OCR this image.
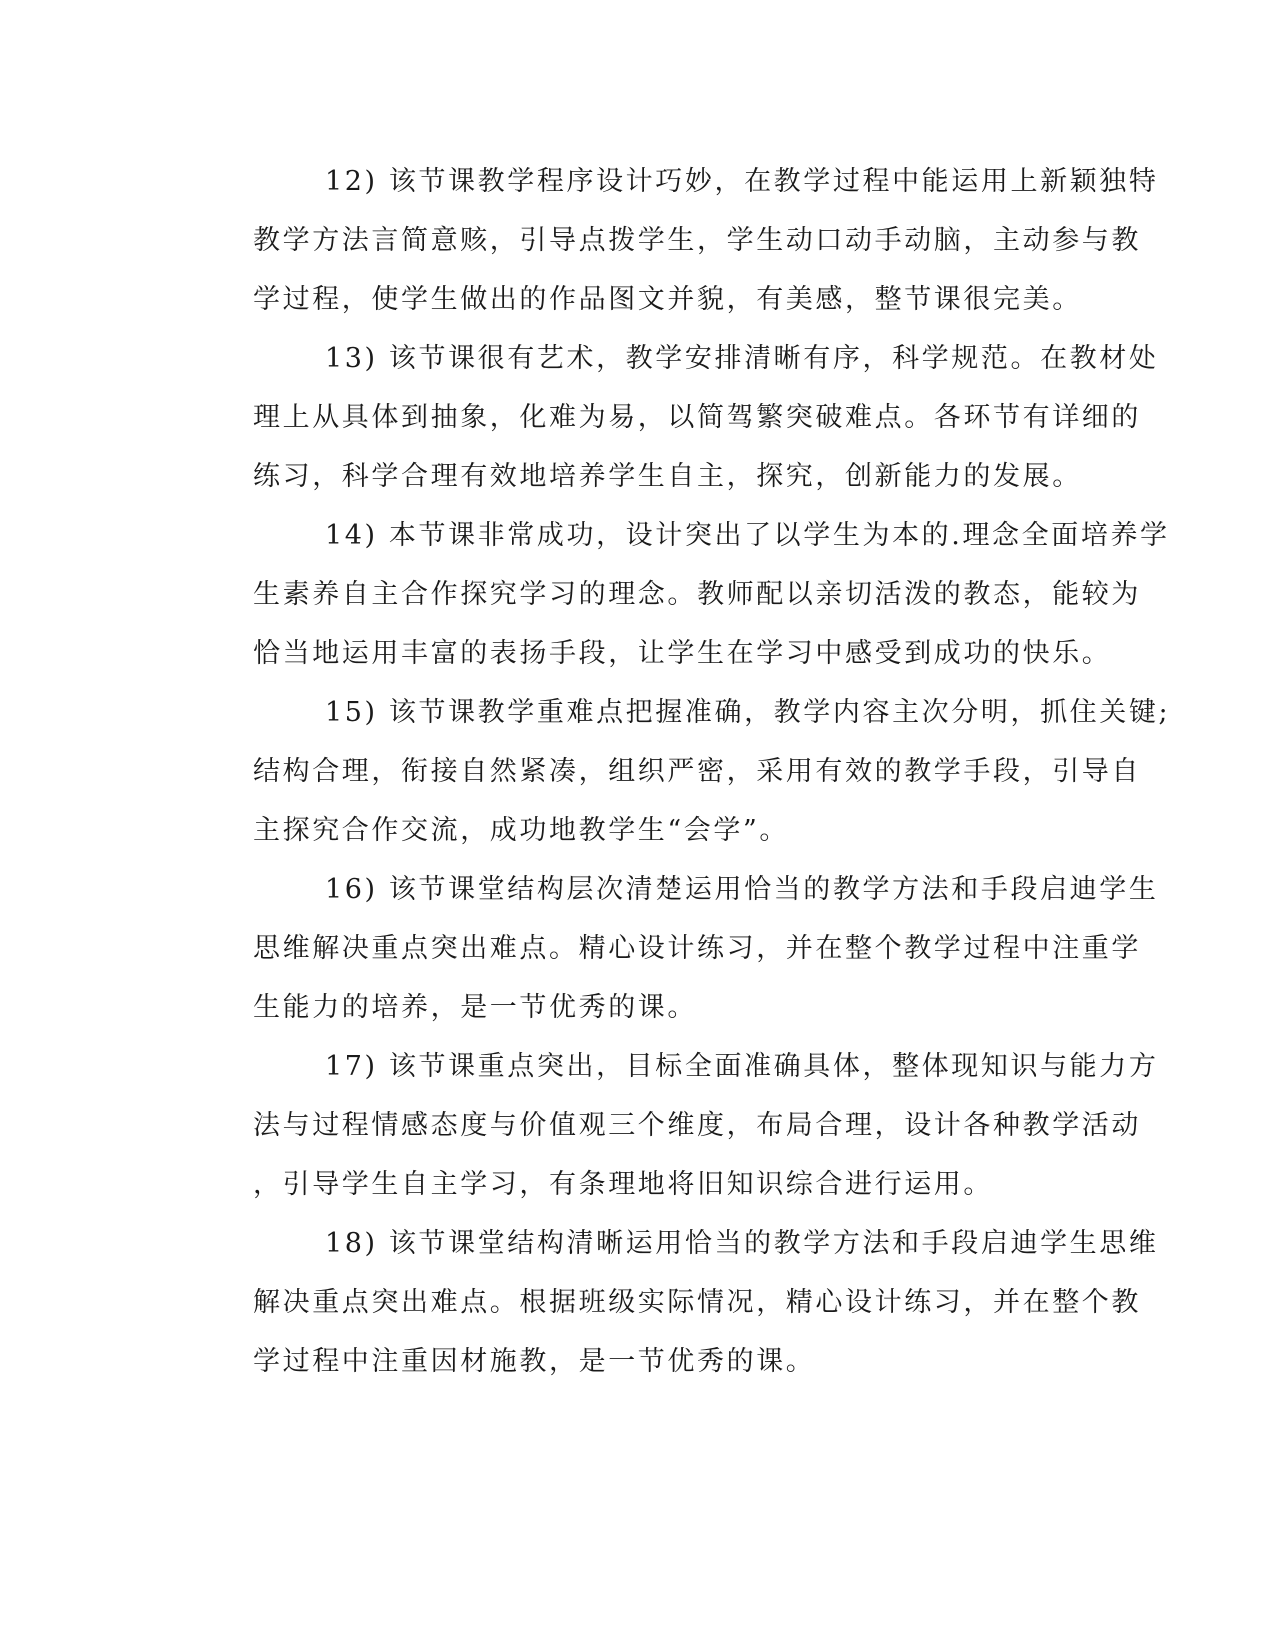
12) 该节课教学程序设计巧妙，在教学过程中能运用上新颖独特
教学方法言简意赅，引导点拨学生，学生动口动手动脑，主动参与教
学过程，使学生做出的作品图文并貌，有美感，整节课很完美。
13) 该节课很有艺术，教学安排清晰有序，科学规范。在教材处
理上从具体到抽象，化难为易，以简驾繁突破难点。各环节有详细的
练习，科学合理有效地培养学生自主，探究，创新能力的发展。
14) 本节课非常成功，设计突出了以学生为本的.理念全面培养学
生素养自主合作探究学习的理念。教师配以亲切活泼的教态，能较为
恰当地运用丰富的表扬手段，让学生在学习中感受到成功的快乐。
15) 该节课教学重难点把握准确，教学内容主次分明，抓住关键;
结构合理，衔接自然紧凑，组织严密，采用有效的教学手段，引导自
主探究合作交流，成功地教学生“会学”。
16) 该节课堂结构层次清楚运用恰当的教学方法和手段启迪学生
思维解决重点突出难点。精心设计练习，并在整个教学过程中注重学
生能力的培养，是一节优秀的课。
17) 该节课重点突出，目标全面准确具体，整体现知识与能力方
法与过程情感态度与价值观三个维度，布局合理，设计各种教学活动
，引导学生自主学习，有条理地将旧知识综合进行运用。
18) 该节课堂结构清晰运用恰当的教学方法和手段启迪学生思维
解决重点突出难点。根据班级实际情况，精心设计练习，并在整个教
学过程中注重因材施教，是一节优秀的课。
